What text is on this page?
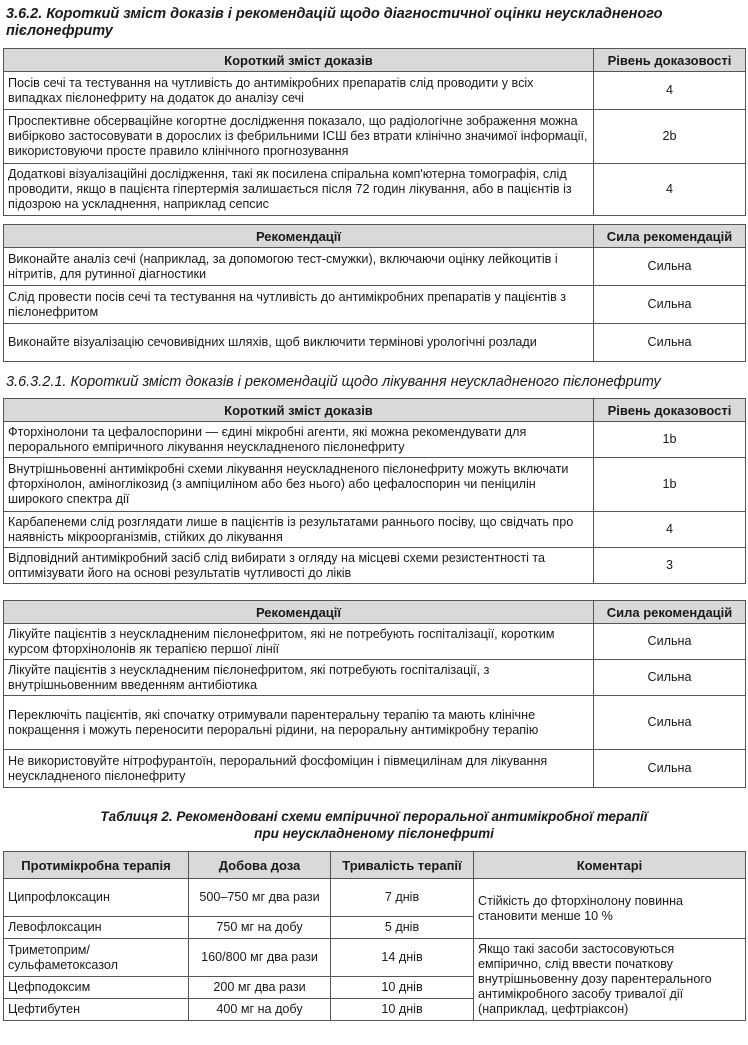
3.6.2. Короткий зміст доказів і рекомендацій щодо діагностичної оцінки неускладненого пієлонефриту

Короткий зміст доказів	Рівень доказовості
Посів сечі та тестування на чутливість до антимікробних препаратів слід проводити у всіх випадках пієлонефриту на додаток до аналізу сечі	4
Проспективне обсерваційне когортне дослідження показало, що радіологічне зображення можна вибірково застосовувати в дорослих із фебрильними ІСШ без втрати клінічно значимої інформації, використовуючи просте правило клінічного прогнозування	2b
Додаткові візуалізаційні дослідження, такі як посилена спіральна комп'ютерна томографія, слід проводити, якщо в пацієнта гіпертермія залишається після 72 годин лікування, або в пацієнтів із підозрою на ускладнення, наприклад сепсис	4
Рекомендації	Сила рекомендацій
Виконайте аналіз сечі (наприклад, за допомогою тест-смужки), включаючи оцінку лейкоцитів і нітритів, для рутинної діагностики	Сильна
Слід провести посів сечі та тестування на чутливість до антимікробних препаратів у пацієнтів з пієлонефритом	Сильна
Виконайте візуалізацію сечовивідних шляхів, щоб виключити термінові урологічні розлади	Сильна

3.6.3.2.1. Короткий зміст доказів і рекомендацій щодо лікування неускладненого пієлонефриту

Короткий зміст доказів	Рівень доказовості
Фторхінолони та цефалоспорини — єдині мікробні агенти, які можна рекомендувати для перорального емпіричного лікування неускладненого пієлонефриту	1b
Внутрішньовенні антимікробні схеми лікування неускладненого пієлонефриту можуть включати фторхінолон, аміноглікозид (з ампіциліном або без нього) або цефалоспорин чи пеніцилін широкого спектра дії	1b
Карбапенеми слід розглядати лише в пацієнтів із результатами раннього посіву, що свідчать про наявність мікроорганізмів, стійких до лікування	4
Відповідний антимікробний засіб слід вибирати з огляду на місцеві схеми резистентності та оптимізувати його на основі результатів чутливості до ліків	3
Рекомендації	Сила рекомендацій
Лікуйте пацієнтів з неускладненим пієлонефритом, які не потребують госпіталізації, коротким курсом фторхінолонів як терапією першої лінії	Сильна
Лікуйте пацієнтів з неускладненим пієлонефритом, які потребують госпіталізації, з внутрішньовенним введенням антибіотика	Сильна
Переключіть пацієнтів, які спочатку отримували парентеральну терапію та мають клінічне покращення і можуть переносити пероральні рідини, на пероральну антимікробну терапію	Сильна
Не використовуйте нітрофурантоїн, пероральний фосфоміцин і півмецилінам для лікування неускладненого пієлонефриту	Сильна

Таблиця 2. Рекомендовані схеми емпіричної пероральної антимікробної терапії

при неускладненому пієлонефриті

Протимікробна терапія	Добова доза	Тривалість терапії	Коментарі
Ципрофлоксацин	500–750 мг два рази	7 днів	Стійкість до фторхінолону повинна становити менше 10 %
Левофлоксацин	750 мг на добу	5 днів	
Триметоприм/сульфаметоксазол	160/800 мг два рази	14 днів	Якщо такі засоби застосовуються емпірично, слід ввести початкову внутрішньовенну дозу парентерального антимікробного засобу тривалої дії (наприклад, цефтріаксон)
Цефподоксим	200 мг два рази	10 днів	
Цефтибутен	400 мг на добу	10 днів	
